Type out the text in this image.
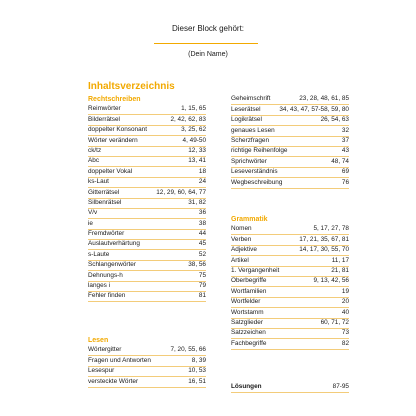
Dieser Block gehört:
(Dein Name)
Inhaltsverzeichnis
Rechtschreiben
Reimwörter	1, 15, 65
Bilderrätsel	2, 42, 62, 83
doppelter Konsonant	3, 25, 62
Wörter verändern	4, 49-50
ck/tz	12, 33
Abc	13, 41
doppelter Vokal	18
ks-Laut	24
Gitterrätsel	12, 29, 60, 64, 77
Silbenrätsel	31, 82
V/v	36
ie	38
Fremdwörter	44
Auslautverhärtung	45
s-Laute	52
Schlangenwörter	38, 56
Dehnungs-h	75
langes i	79
Fehler finden	81
Lesen
Wörtergitter	7, 20, 55, 66
Fragen und Antworten	8, 39
Lesespur	10, 53
versteckte Wörter	16, 51
Geheimschrift	23, 28, 48, 61, 85
Leserätsel	34, 43, 47, 57-58, 59, 80
Logikrätsel	26, 54, 63
genaues Lesen	32
Scherzfragen	37
richtige Reihenfolge	43
Sprichwörter	48, 74
Leseverständnis	69
Wegbeschreibung	76
Grammatik
Nomen	5, 17, 27, 78
Verben	17, 21, 35, 67, 81
Adjektive	14, 17, 30, 55, 70
Artikel	11, 17
1. Vergangenheit	21, 81
Oberbegriffe	9, 13, 42, 56
Wortfamilien	19
Wortfelder	20
Wortstamm	40
Satzglieder	60, 71, 72
Satzzeichen	73
Fachbegriffe	82
Lösungen	87-95
